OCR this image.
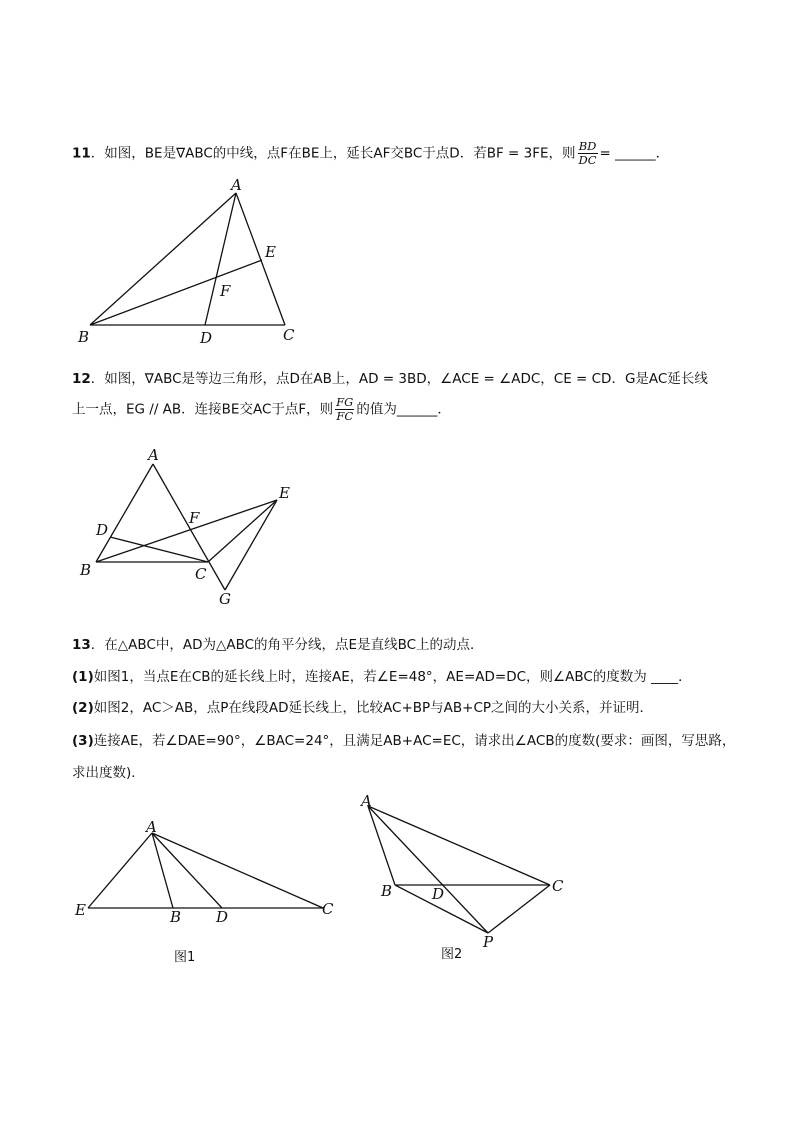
11．如图，BE是∇ABC的中线，点F在BE上，延长AF交BC于点D．若BF = 3FE，则 $\frac{BD}{DC}$ = ______．
A
B	C
D
E
F
12．如图，∇ABC是等边三角形，点D在AB上，AD = 3BD，∠ACE = ∠ADC，CE = CD．G是AC延长线
上一点，EG // AB．连接BE交AC于点F，则 $\frac{FG}{FC}$ 的值为______．
A
B	C
D
E
F
G
13．在△ABC中，AD为△ABC的角平分线，点E是直线BC上的动点．
(1)如图1，当点E在CB的延长线上时，连接AE，若∠E=48°，AE=AD=DC，则∠ABC的度数为 ____．
(2)如图2，AC＞AB，点P在线段AD延长线上，比较AC+BP与AB+CP之间的大小关系，并证明．
(3)连接AE，若∠DAE=90°，∠BAC=24°，且满足AB+AC=EC，请求出∠ACB的度数(要求：画图，写思路，
求出度数)．
A
E	B D	C
图1
A
B	D	C
P
图2
